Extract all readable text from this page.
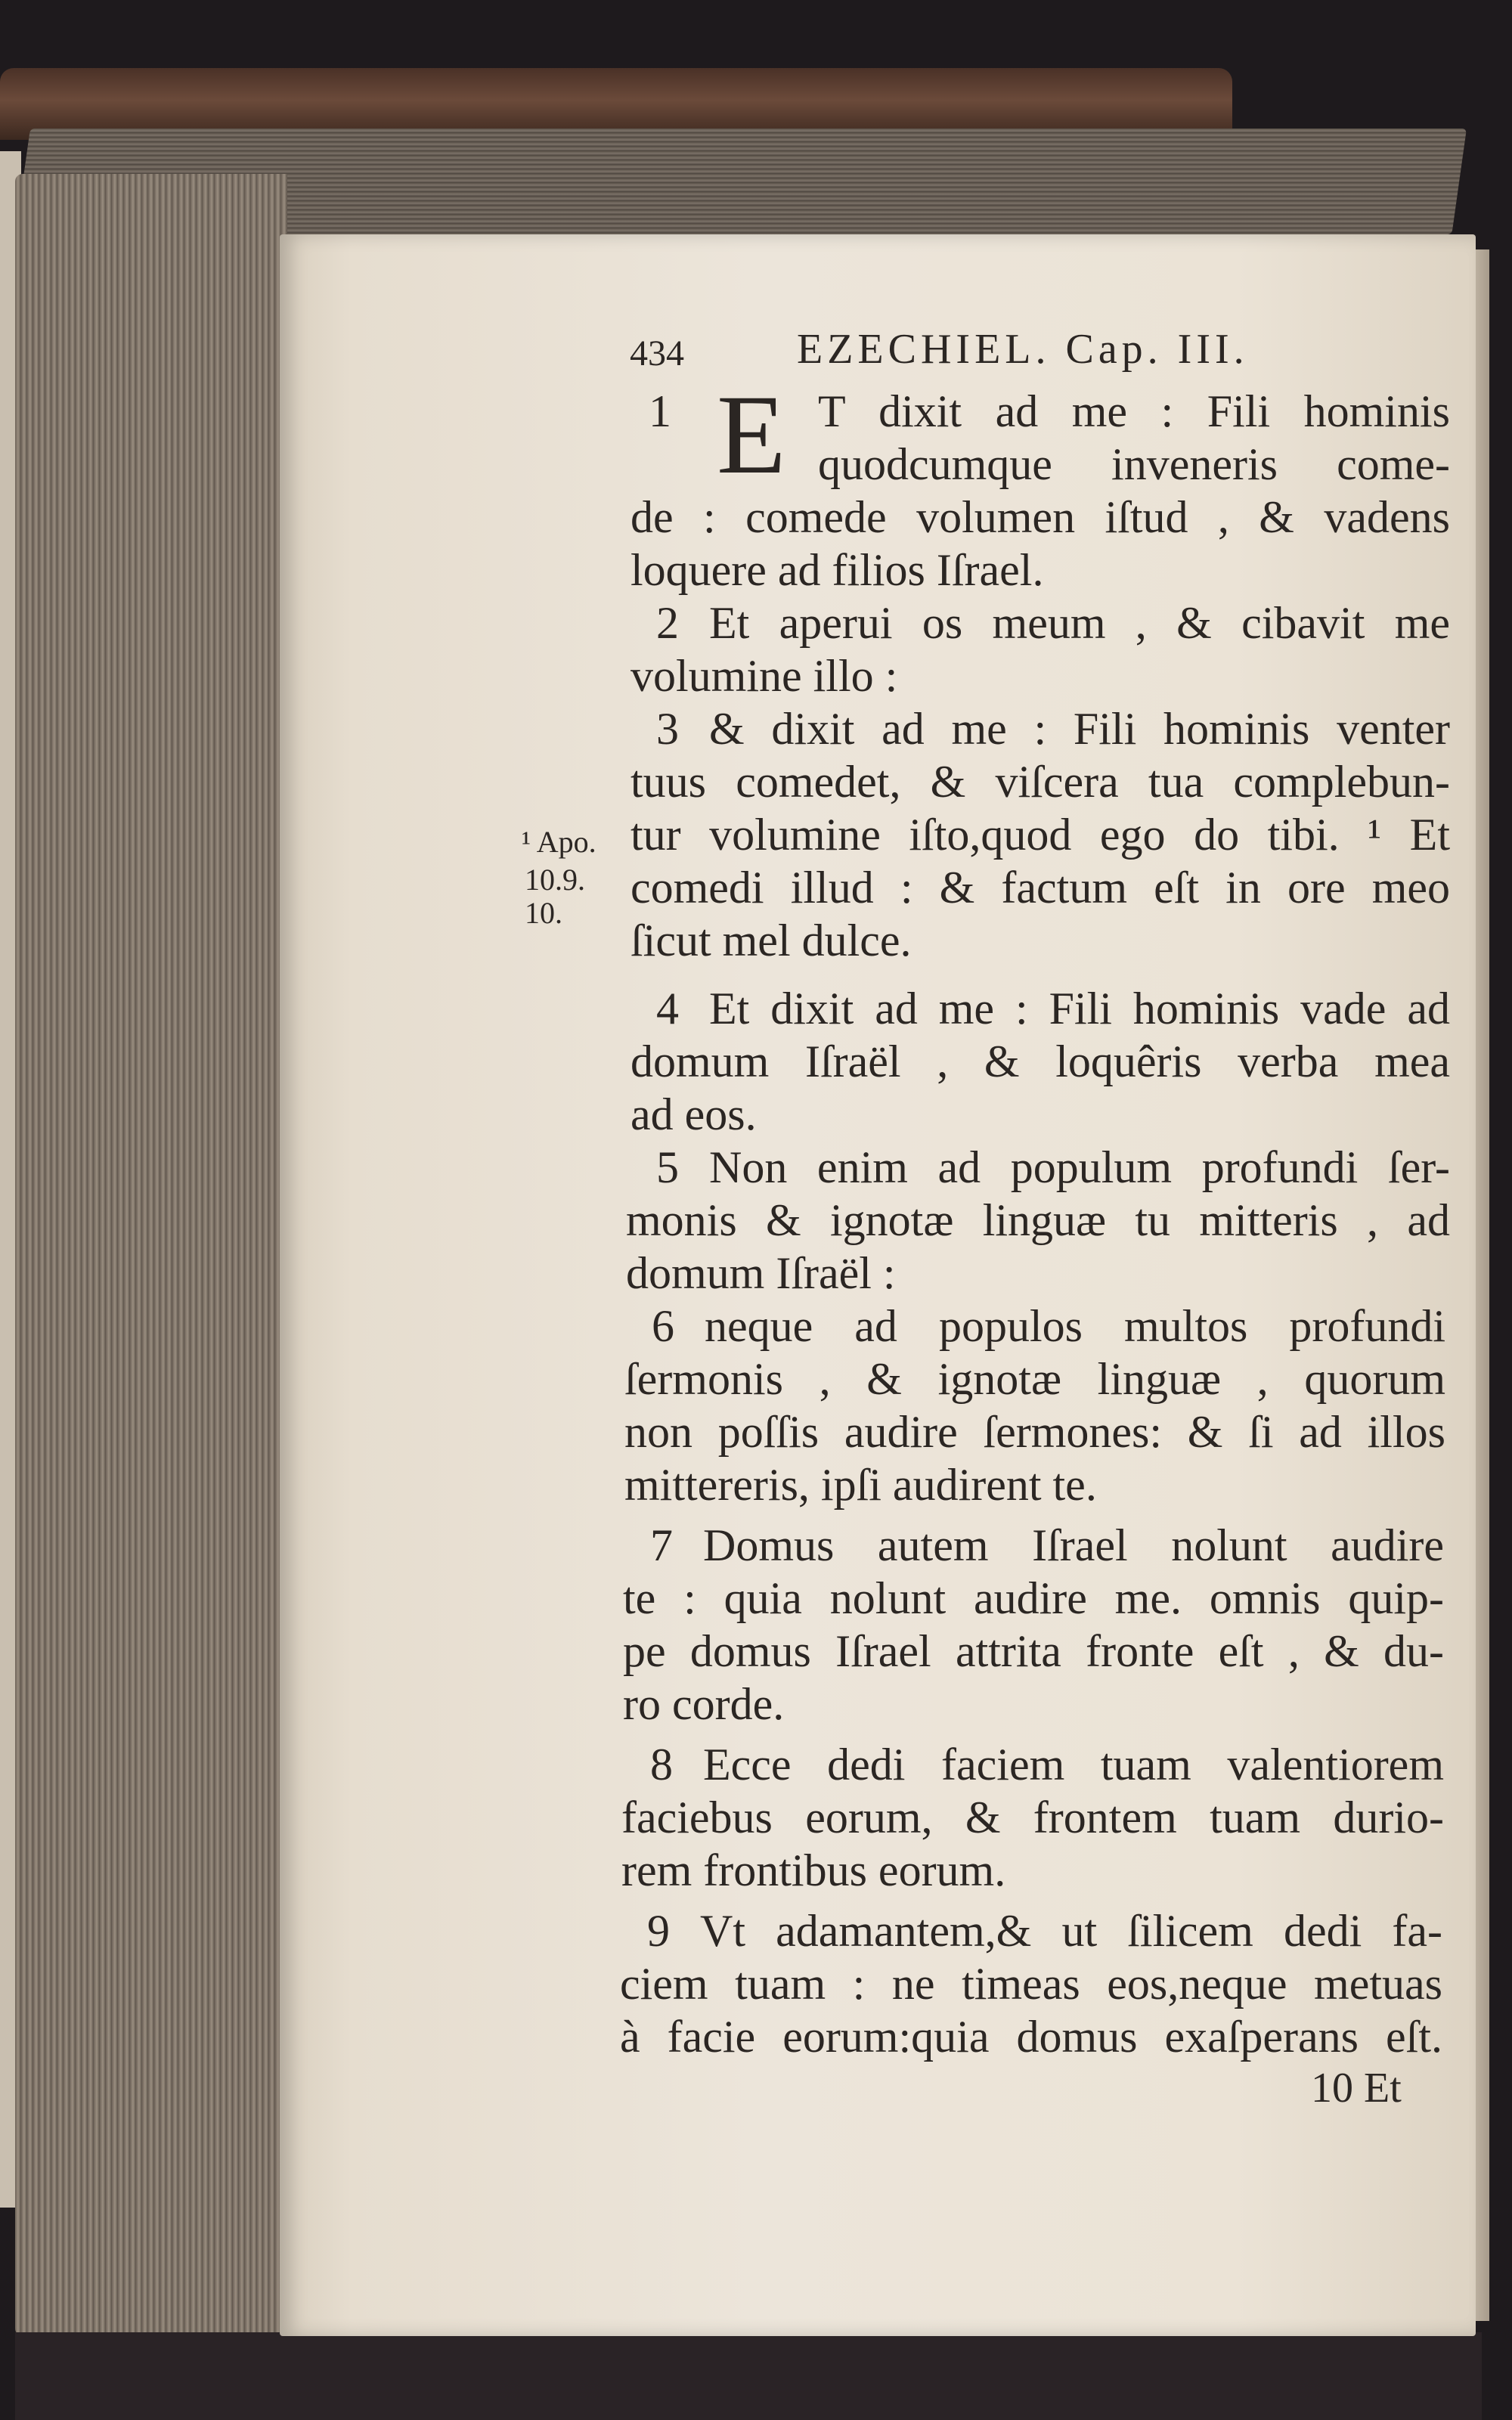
434	EZECHIEL. Cap. III.

E

1	T dixit ad me : Fili hominis

quodcumque inveneris come-

de : comede volumen iſtud , & vadens

loquere ad filios Iſrael.

2 Et aperui os meum , & cibavit me

volumine illo :

3 & dixit ad me : Fili hominis venter

tuus comedet, & viſcera tua complebun-

tur volumine iſto,quod ego do tibi. ¹ Et

comedi illud : & factum eſt in ore meo

ſicut mel dulce.

¹ Apo.

10.9.

10.

4 Et dixit ad me : Fili hominis vade ad

domum Iſraël , & loquêris verba mea

ad eos.

5 Non enim ad populum profundi ſer-

monis & ignotæ linguæ tu mitteris , ad

domum Iſraël :

6 neque ad populos multos profundi

ſermonis , & ignotæ linguæ , quorum

non poſſis audire ſermones: & ſi ad illos

mittereris, ipſi audirent te.

7 Domus autem Iſrael nolunt audire

te : quia nolunt audire me. omnis quip-

pe domus Iſrael attrita fronte eſt , & du-

ro corde.

8 Ecce dedi faciem tuam valentiorem

faciebus eorum, & frontem tuam durio-

rem frontibus eorum.

9 Vt adamantem,& ut ſilicem dedi fa-

ciem tuam : ne timeas eos,neque metuas

à facie eorum:quia domus exaſperans eſt.

10 Et
